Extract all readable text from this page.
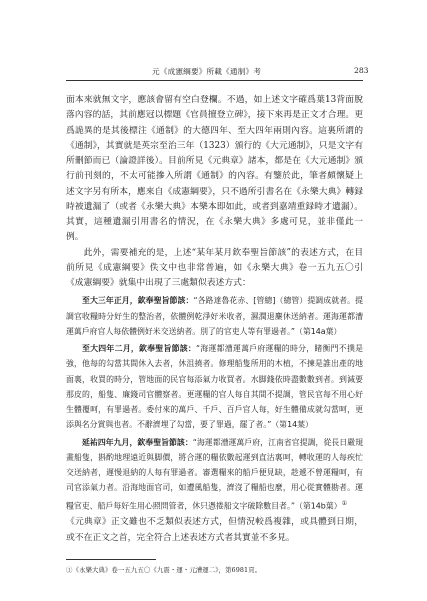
元《成憲綱要》所載《通制》考	283

面本來就無文字，應該會留有空白登欄。不過，如上述文字確爲葉13背面脫落內容的話，其前應冠以標題《官員擅登立碑》，接下來再是正文才合理。更爲詭異的是其後標注《通制》的大德四年、至大四年兩則內容。這裏所謂的《通制》，其實就是英宗至治三年（1323）頒行的《大元通制》，只是文字有所刪節而已（論證詳後）。目前所見《元典章》諸本，都是在《大元通制》頒行前刊刻的，不太可能摻入所謂《通制》的內容。有鑒於此，筆者頗懷疑上述文字另有所本，應來自《成憲綱要》，只不過所引書名在《永樂大典》轉録時被遺漏了（或者《永樂大典》本樂本即如此，或者到嘉靖重録時才遺漏）。其實，這種遺漏引用書名的情況，在《永樂大典》多處可見，並非僅此一例。

此外，需要補充的是，上述“某年某月欽奉聖旨節該”的表述方式，在目前所見《成憲綱要》佚文中也非常普遍，如《永樂大典》卷一五九五〇引《成憲綱要》就集中出現了三處類似表述方式：

至大三年正月，欽奉聖旨節該：“各路達魯花赤、[管總]（總管）提調成就者。提調官收糧時分好生的整治者，依體例乾淨好米收者，濕潤退麇休送納者。運海運都漕運萬戶府官人每依體例好米交送納者。別了的官吏人等有罪過者。”（第14a葉）

至大四年二月，欽奉聖旨節該：“海運都漕運萬戶府運糧的時分，睹衡門不撲是強，他每的勾當其間休入去者，休沮撓者。修理船隻所用的木植，不揀是誰出產的地面裏，收買的時分，管地面的民官每添氣力收買者。水脚錢依時盡數數到者。到減要那皮的，船隻、廉錢司官體察者。更運糧的官人每自其間不提調，管民官每不用心好生體覆呵，有罪過者。委付來的萬戶、千戶、百戶官人每，好生體備成就勾當呵，更添與名分賞與也者。不辭濟埋了勾當，要了罪過，罷了者。”（第14葉）

延祐四年九月，欽奉聖旨節該：“海運都漕運萬戶府，江南省官提調，從長日嚴規畫船隻，斟酌地理遠近與脚價，將合運的糧依數起運到直沽裏呵，轉收運的人每疾忙交送納者，遲慢退納的人每有罪過者。審選糧來的船戶便見缺，趁遞不曾運糧呵，有司官添氣力者。沿海地面官司，如遭風船隻，濟沒了糧船也麼，用心從實體勘者。運糧官吏、船戶每好生用心照問管者，休只憑捲船文字破除數目者。”（第14b葉）①

《元典章》正文雖也不乏類似表述方式，但情況較爲複雜，或具體到日期，或不在正文之首，完全符合上述表述方式者其實並不多見。

①《永樂大典》卷一五九五〇《九震・運・元漕運二》，第6981頁。
